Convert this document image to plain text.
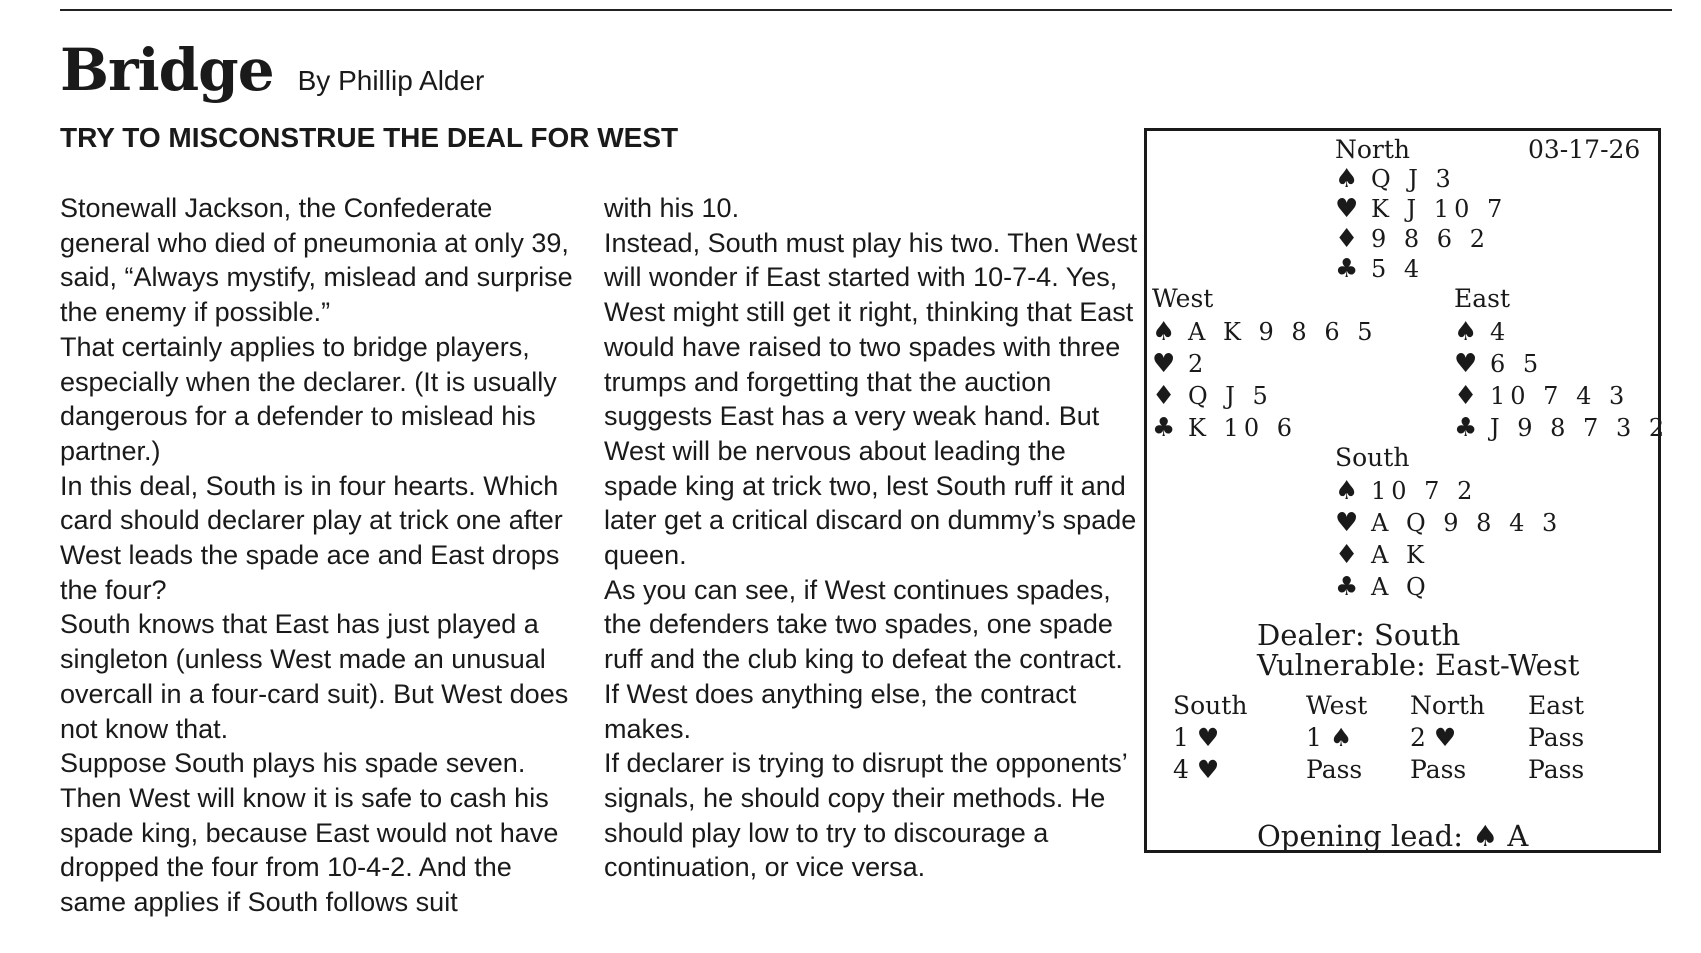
Bridge By Phillip Alder
TRY TO MISCONSTRUE THE DEAL FOR WEST

Stonewall Jackson, the Confederate general who died of pneumonia at only 39, said, “Always mystify, mislead and surprise the enemy if possible.”

That certainly applies to bridge players, especially when the declarer. (It is usually dangerous for a defender to mislead his partner.)

In this deal, South is in four hearts. Which card should declarer play at trick one after West leads the spade ace and East drops the four?

South knows that East has just played a singleton (unless West made an unusual overcall in a four-card suit). But West does not know that.

Suppose South plays his spade seven. Then West will know it is safe to cash his spade king, because East would not have dropped the four from 10-4-2. And the same applies if South follows suit

with his 10.

Instead, South must play his two. Then West will wonder if East started with 10-7-4. Yes, West might still get it right, thinking that East would have raised to two spades with three trumps and forgetting that the auction suggests East has a very weak hand. But West will be nervous about leading the spade king at trick two, lest South ruff it and later get a critical discard on dummy’s spade queen.

As you can see, if West continues spades, the defenders take two spades, one spade ruff and the club king to defeat the contract. If West does anything else, the contract makes.

If declarer is trying to disrupt the opponents’ signals, he should copy their methods. He should play low to try to discourage a continuation, or vice versa.

North	03-17-26
♠ Q J 3
♥ K J 10 7
♦ 9 8 6 2
♣ 5 4
West
♠ A K 9 8 6 5
♥ 2
♦ Q J 5
♣ K 10 6
East
♠ 4
♥ 6 5
♦ 10 7 4 3
♣ J 9 8 7 3 2
South
♠ 10 7 2
♥ A Q 9 8 4 3
♦ A K
♣ A Q
Dealer: South
Vulnerable: East-West
South West North East
1 ♥	1 ♠ 2 ♥	Pass
4 ♥	Pass Pass Pass
Opening lead: ♠ A
